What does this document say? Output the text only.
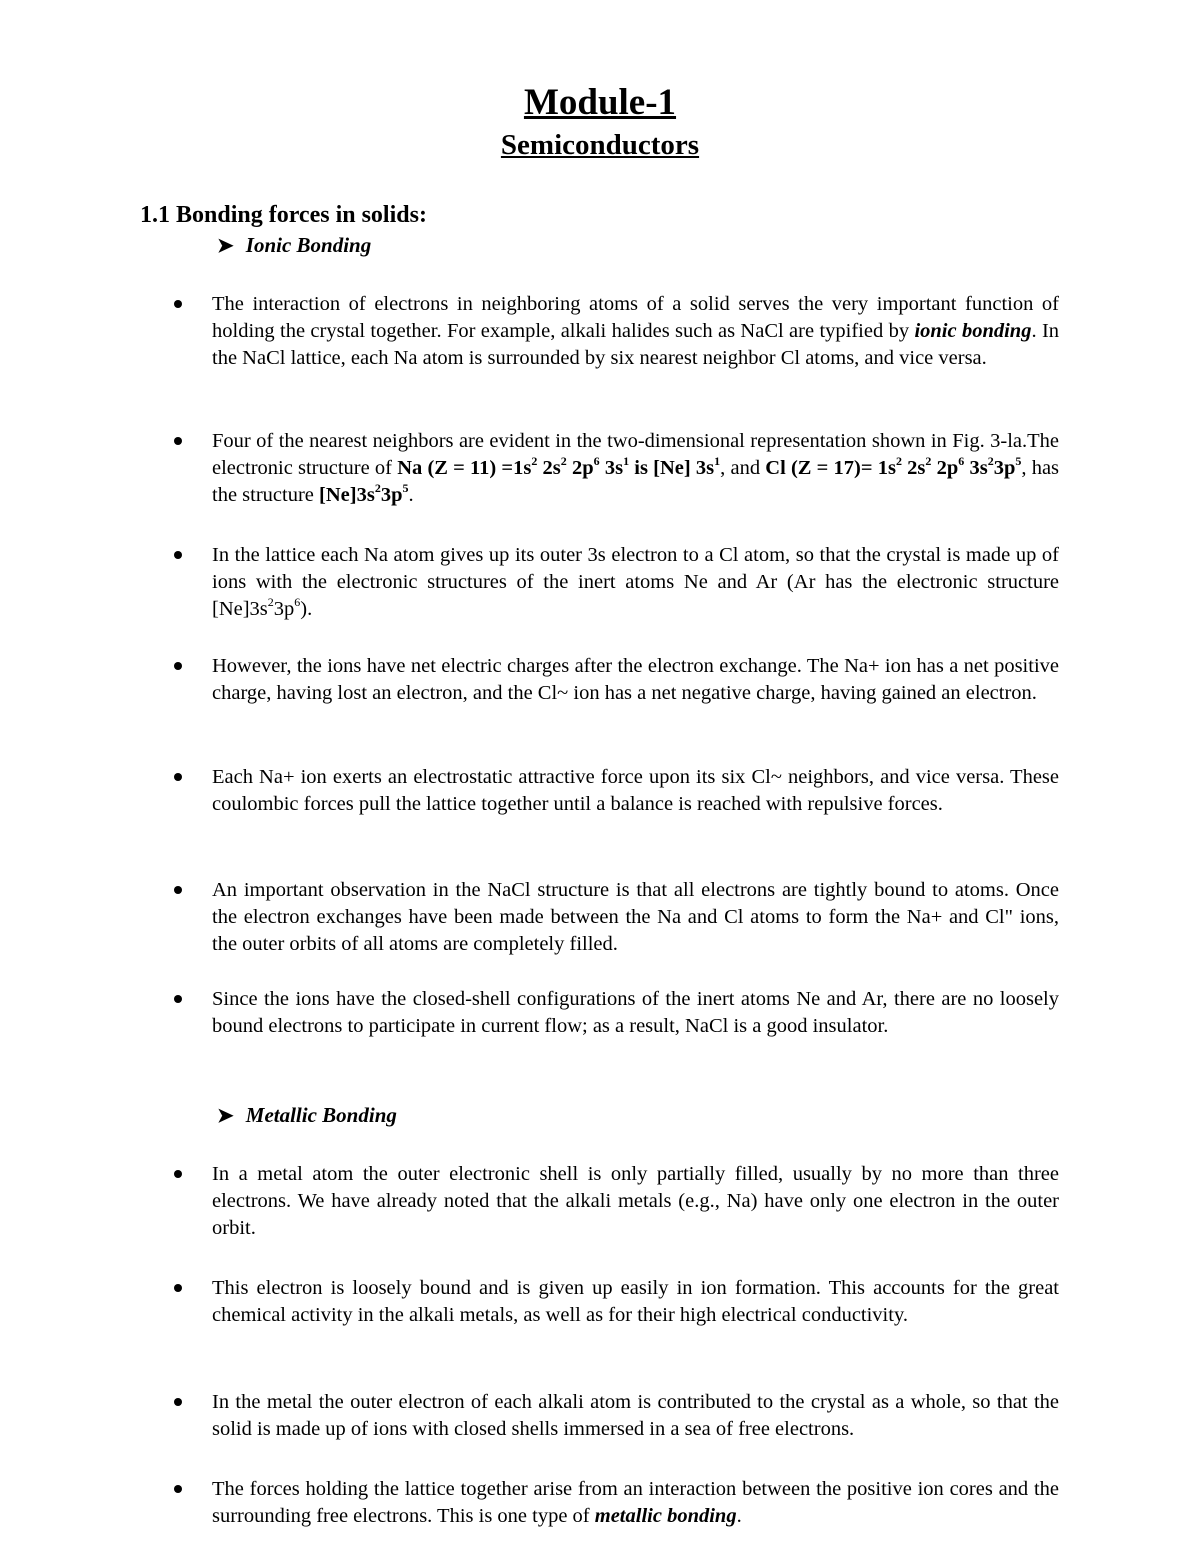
Module-1
Semiconductors
1.1 Bonding forces in solids:
➤ Ionic Bonding

The interaction of electrons in neighboring atoms of a solid serves the very important function of holding the crystal together. For example, alkali halides such as NaCl are typified by ionic bonding. In the NaCl lattice, each Na atom is surrounded by six nearest neighbor Cl atoms, and vice versa.

Four of the nearest neighbors are evident in the two-dimensional representation shown in Fig. 3-la.The electronic structure of Na $(Z = 11) =1s^2$ $2s^2$ $2p^6$ $3s^1$ is [Ne] $3s^1$, and Cl $(Z = 17)= 1s^2$ $2s^2$ $2p^6$ $3s^23p^5$, has the structure $[Ne]3s^23p^5$.

In the lattice each Na atom gives up its outer 3s electron to a Cl atom, so that the crystal is made up of ions with the electronic structures of the inert atoms Ne and Ar (Ar has the electronic structure $[Ne]3s^23p^6$).

However, the ions have net electric charges after the electron exchange. The Na+ ion has a net positive charge, having lost an electron, and the Cl~ ion has a net negative charge, having gained an electron.

Each Na+ ion exerts an electrostatic attractive force upon its six Cl~ neighbors, and vice versa. These coulombic forces pull the lattice together until a balance is reached with repulsive forces.

An important observation in the NaCl structure is that all electrons are tightly bound to atoms. Once the electron exchanges have been made between the Na and Cl atoms to form the Na+ and Cl" ions, the outer orbits of all atoms are completely filled.

Since the ions have the closed-shell configurations of the inert atoms Ne and Ar, there are no loosely bound electrons to participate in current flow; as a result, NaCl is a good insulator.

➤ Metallic Bonding

In a metal atom the outer electronic shell is only partially filled, usually by no more than three electrons. We have already noted that the alkali metals (e.g., Na) have only one electron in the outer orbit.

This electron is loosely bound and is given up easily in ion formation. This accounts for the great chemical activity in the alkali metals, as well as for their high electrical conductivity.

In the metal the outer electron of each alkali atom is contributed to the crystal as a whole, so that the solid is made up of ions with closed shells immersed in a sea of free electrons.

The forces holding the lattice together arise from an interaction between the positive ion cores and the surrounding free electrons. This is one type of metallic bonding.
